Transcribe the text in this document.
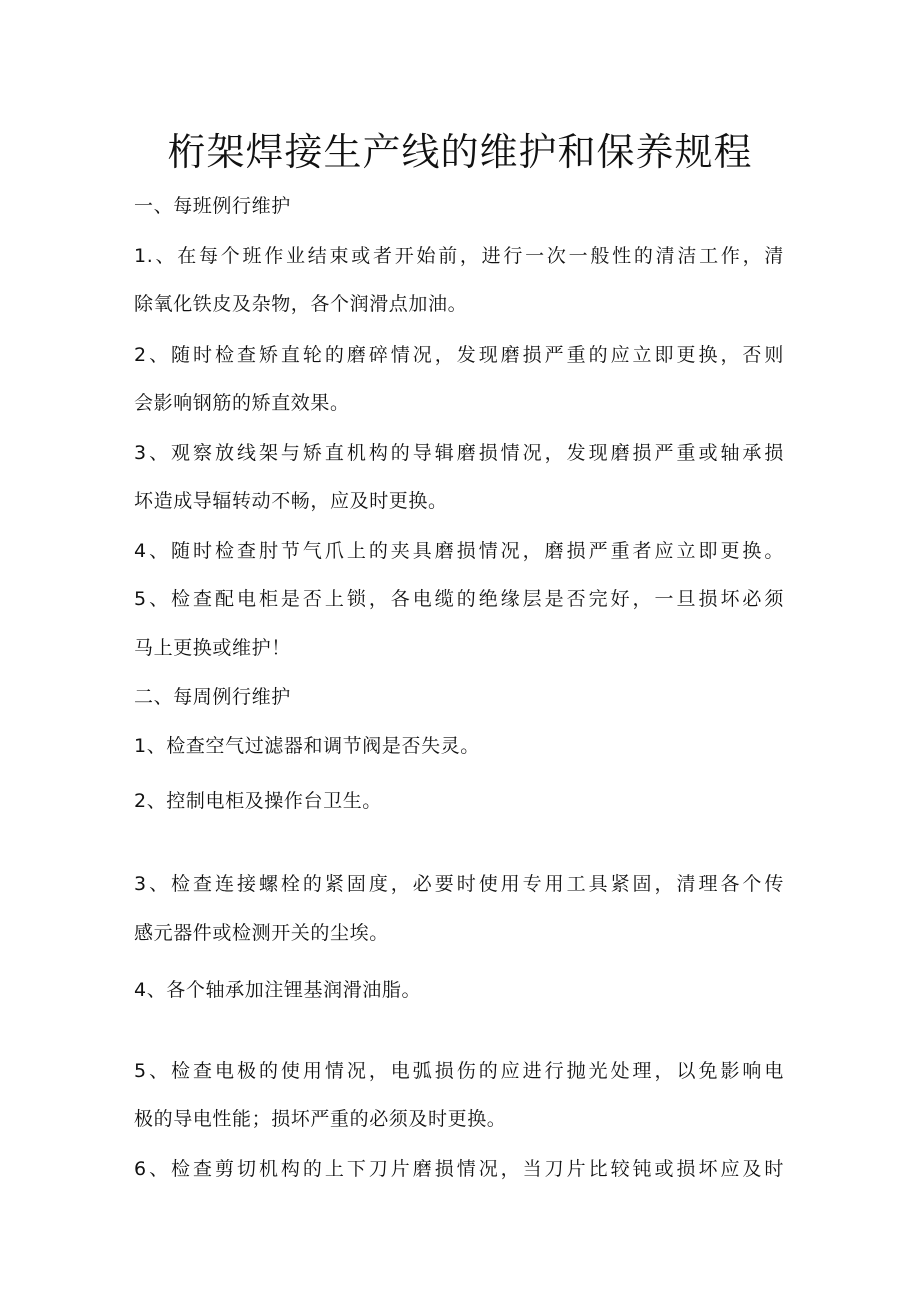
桁架焊接生产线的维护和保养规程
一、每班例行维护
1.、在每个班作业结束或者开始前，进行一次一般性的清洁工作，清
除氧化铁皮及杂物，各个润滑点加油。
2、随时检查矫直轮的磨碎情况，发现磨损严重的应立即更换，否则
会影响钢筋的矫直效果。
3、观察放线架与矫直机构的导辑磨损情况，发现磨损严重或轴承损
坏造成导辐转动不畅，应及时更换。
4、随时检查肘节气爪上的夹具磨损情况，磨损严重者应立即更换。
5、检查配电柜是否上锁，各电缆的绝缘层是否完好，一旦损坏必须
马上更换或维护！
二、每周例行维护
1、检查空气过滤器和调节阀是否失灵。
2、控制电柜及操作台卫生。
3、检查连接螺栓的紧固度，必要时使用专用工具紧固，清理各个传
感元器件或检测开关的尘埃。
4、各个轴承加注锂基润滑油脂。
5、检查电极的使用情况，电弧损伤的应进行抛光处理，以免影响电
极的导电性能；损坏严重的必须及时更换。
6、检查剪切机构的上下刀片磨损情况，当刀片比较钝或损坏应及时
